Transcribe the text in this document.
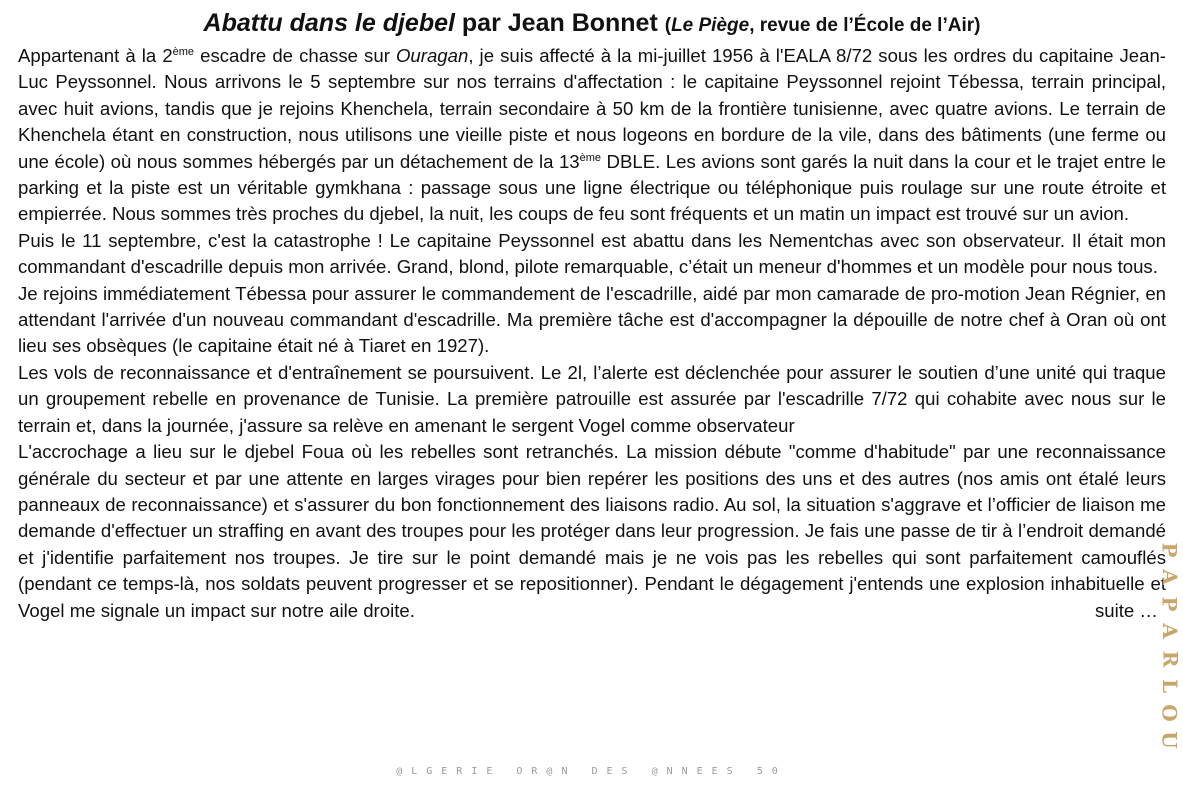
Abattu dans le djebel par Jean Bonnet (Le Piège, revue de l’École de l’Air)

Appartenant à la 2ème escadre de chasse sur Ouragan, je suis affecté à la mi-juillet 1956 à l'EALA 8/72 sous les ordres du capitaine Jean-Luc Peyssonnel. Nous arrivons le 5 septembre sur nos terrains d'affectation : le capitaine Peyssonnel rejoint Tébessa, terrain principal, avec huit avions, tandis que je rejoins Khenchela, terrain secondaire à 50 km de la frontière tunisienne, avec quatre avions. Le terrain de Khenchela étant en construction, nous utilisons une vieille piste et nous logeons en bordure de la vile, dans des bâtiments (une ferme ou une école) où nous sommes hébergés par un détachement de la 13ème DBLE. Les avions sont garés la nuit dans la cour et le trajet entre le parking et la piste est un véritable gymkhana : passage sous une ligne électrique ou téléphonique puis roulage sur une route étroite et empierrée. Nous sommes très proches du djebel, la nuit, les coups de feu sont fréquents et un matin un impact est trouvé sur un avion.

Puis le 11 septembre, c'est la catastrophe ! Le capitaine Peyssonnel est abattu dans les Nementchas avec son observateur. Il était mon commandant d'escadrille depuis mon arrivée. Grand, blond, pilote remarquable, c’était un meneur d'hommes et un modèle pour nous tous.

Je rejoins immédiatement Tébessa pour assurer le commandement de l'escadrille, aidé par mon camarade de pro-motion Jean Régnier, en attendant l'arrivée d'un nouveau commandant d'escadrille. Ma première tâche est d'accompagner la dépouille de notre chef à Oran où ont lieu ses obsèques (le capitaine était né à Tiaret en 1927).

Les vols de reconnaissance et d'entraînement se poursuivent. Le 2l, l’alerte est déclenchée pour assurer le soutien d’une unité qui traque un groupement rebelle en provenance de Tunisie. La première patrouille est assurée par l'escadrille 7/72 qui cohabite avec nous sur le terrain et, dans la journée, j'assure sa relève en amenant le sergent Vogel comme observateur

L'accrochage a lieu sur le djebel Foua où les rebelles sont retranchés. La mission débute "comme d'habitude" par une reconnaissance générale du secteur et par une attente en larges virages pour bien repérer les positions des uns et des autres (nos amis ont étalé leurs panneaux de reconnaissance) et s'assurer du bon fonctionnement des liaisons radio. Au sol, la situation s'aggrave et l’officier de liaison me demande d'effectuer un straffing en avant des troupes pour les protéger dans leur progression. Je fais une passe de tir à l’endroit demandé et j'identifie parfaitement nos troupes. Je tire sur le point demandé mais je ne vois pas les rebelles qui sont parfaitement camouflés (pendant ce temps-là, nos soldats peuvent progresser et se repositionner). Pendant le dégagement j'entends une explosion inhabituelle et Vogel me signale un impact sur notre aile droite.	suite …

P
A
P
A
R
L
O
U
@LGERIE OR@N DES @NNEES 50
